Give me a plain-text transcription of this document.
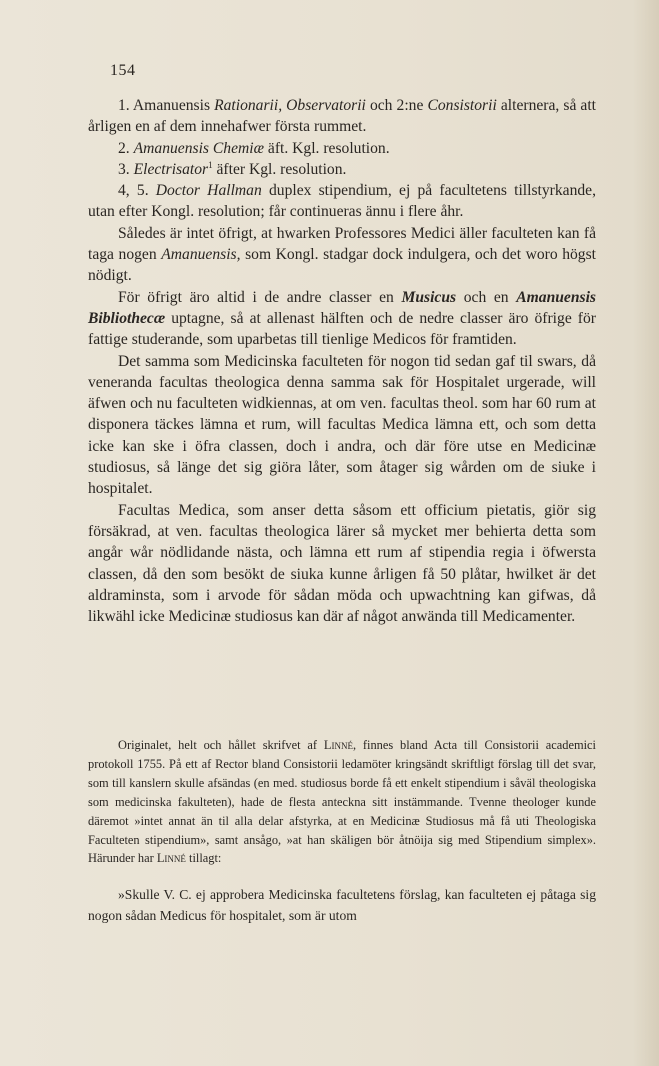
154

1. Amanuensis Rationarii, Observatorii och 2:ne Consistorii alternera, så att årligen en af dem innehafwer första rummet.

2. Amanuensis Chemiæ äft. Kgl. resolution.

3. Electrisator$^1$ äfter Kgl. resolution.

4, 5. Doctor Hallman duplex stipendium, ej på facultetens tillstyrkande, utan efter Kongl. resolution; får continueras ännu i flere åhr.

Således är intet öfrigt, at hwarken Professores Medici äller faculteten kan få taga nogen Amanuensis, som Kongl. stadgar dock indulgera, och det woro högst nödigt.

För öfrigt äro altid i de andre classer en Musicus och en Amanuensis Bibliothecæ uptagne, så at allenast hälften och de nedre classer äro öfrige för fattige studerande, som uparbetas till tienlige Medicos för framtiden.

Det samma som Medicinska faculteten för nogon tid sedan gaf til swars, då veneranda facultas theologica denna samma sak för Hospitalet urgerade, will äfwen och nu faculteten widkiennas, at om ven. facultas theol. som har 60 rum at disponera täckes lämna et rum, will facultas Medica lämna ett, och som detta icke kan ske i öfra classen, doch i andra, och där före utse en Medicinæ studiosus, så länge det sig giöra låter, som åtager sig wården om de siuke i hospitalet.

Facultas Medica, som anser detta såsom ett officium pietatis, giör sig försäkrad, at ven. facultas theologica lärer så mycket mer behierta detta som angår wår nödlidande nästa, och lämna ett rum af stipendia regia i öfwersta classen, då den som besökt de siuka kunne årligen få 50 plåtar, hwilket är det aldraminsta, som i arvode för sådan möda och upwachtning kan gifwas, då likwähl icke Medicinæ studiosus kan där af något anwända till Medicamenter.

Originalet, helt och hållet skrifvet af Linné, finnes bland Acta till Consistorii academici protokoll 1755. På ett af Rector bland Consistorii ledamöter kringsändt skriftligt förslag till det svar, som till kanslern skulle afsändas (en med. studiosus borde få ett enkelt stipendium i såväl theologiska som medicinska fakulteten), hade de flesta anteckna sitt instämmande. Tvenne theologer kunde däremot »intet annat än til alla delar afstyrka, at en Medicinæ Studiosus må få uti Theologiska Faculteten stipendium», samt ansågo, »at han skäligen bör åtnöija sig med Stipendium simplex». Härunder har Linné tillagt:

»Skulle V. C. ej approbera Medicinska facultetens förslag, kan faculteten ej påtaga sig nogon sådan Medicus för hospitalet, som är utom
